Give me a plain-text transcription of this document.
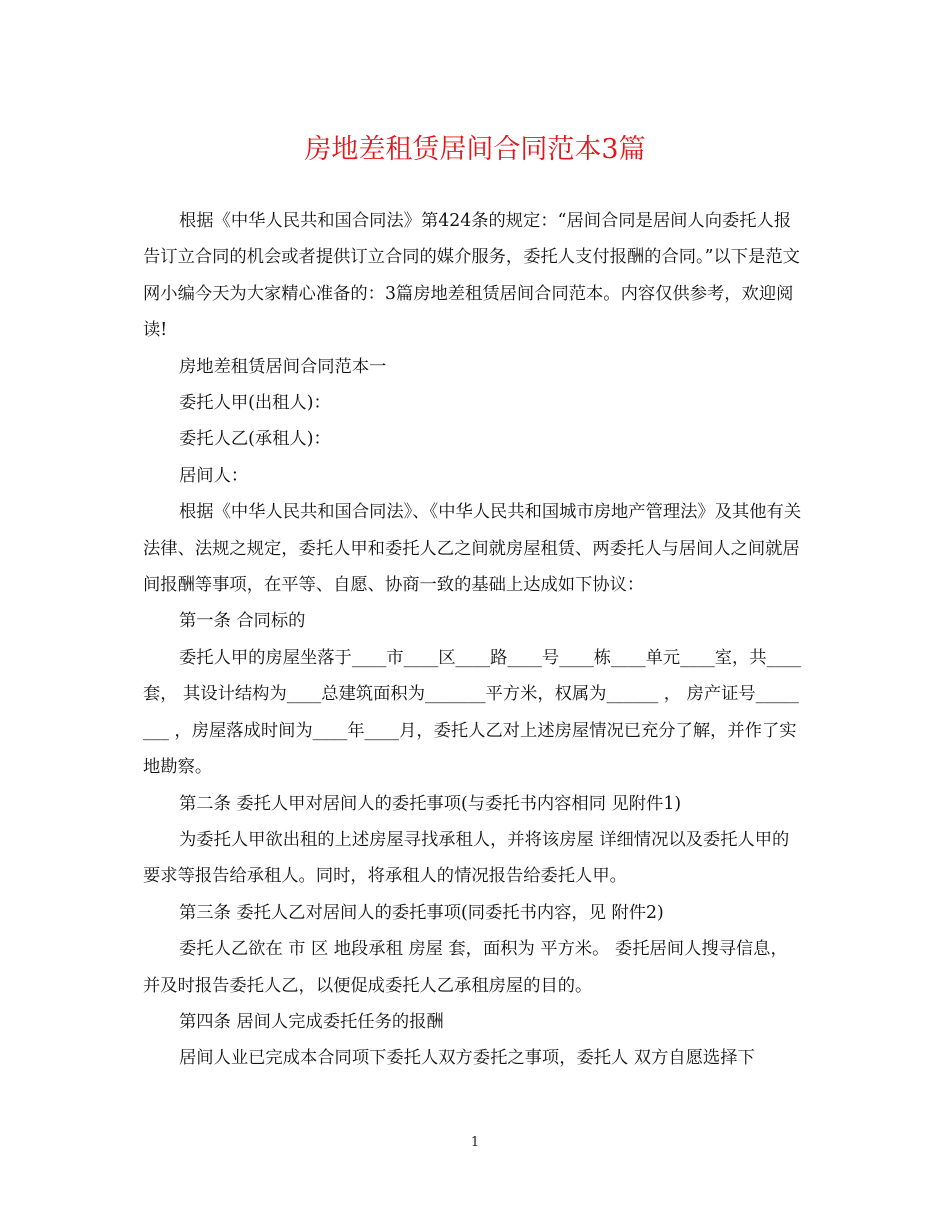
房地差租赁居间合同范本3篇

根据《中华人民共和国合同法》第424条的规定：“居间合同是居间人向委托人报告订立合同的机会或者提供订立合同的媒介服务，委托人支付报酬的合同。”以下是范文网小编今天为大家精心准备的：3篇房地差租赁居间合同范本。内容仅供参考，欢迎阅读!

房地差租赁居间合同范本一

委托人甲(出租人)：

委托人乙(承租人)：

居间人：

根据《中华人民共和国合同法》、《中华人民共和国城市房地产管理法》及其他有关法律、法规之规定，委托人甲和委托人乙之间就房屋租赁、两委托人与居间人之间就居间报酬等事项，在平等、自愿、协商一致的基础上达成如下协议：

第一条 合同标的

委托人甲的房屋坐落于____市____区____路____号____栋____单元____室，共____套， 其设计结构为____总建筑面积为_______平方米，权属为______ ， 房产证号________ ，房屋落成时间为____年____月，委托人乙对上述房屋情况已充分了解，并作了实地勘察。

第二条 委托人甲对居间人的委托事项(与委托书内容相同 见附件1)

为委托人甲欲出租的上述房屋寻找承租人，并将该房屋 详细情况以及委托人甲的要求等报告给承租人。同时，将承租人的情况报告给委托人甲。

第三条 委托人乙对居间人的委托事项(同委托书内容，见 附件2)

委托人乙欲在 市 区 地段承租 房屋 套，面积为 平方米。 委托居间人搜寻信息，并及时报告委托人乙，以便促成委托人乙承租房屋的目的。

第四条 居间人完成委托任务的报酬

居间人业已完成本合同项下委托人双方委托之事项，委托人 双方自愿选择下

1
